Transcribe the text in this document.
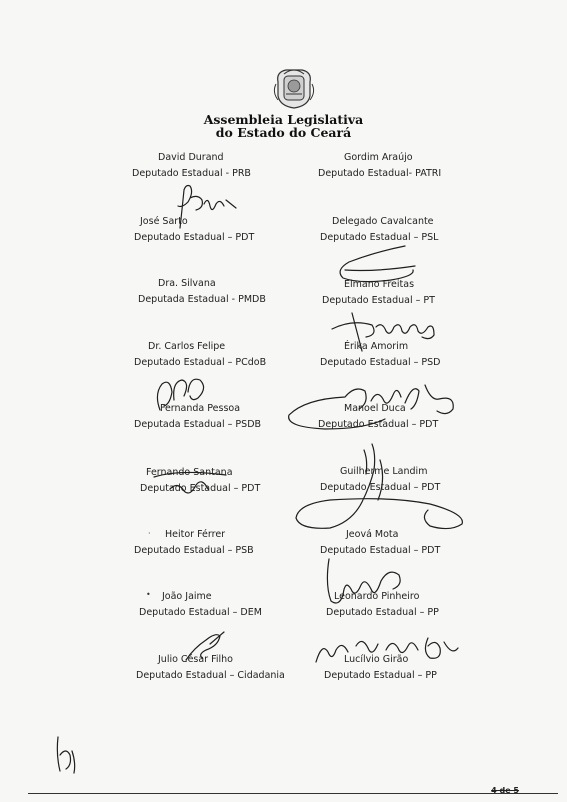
Assembleia Legislativa
do Estado do Ceará
David Durand
Deputado Estadual - PRB
José Sarto
Deputado Estadual – PDT
Dra. Silvana
Deputada Estadual - PMDB
Dr. Carlos Felipe
Deputado Estadual – PCdoB
Fernanda Pessoa
Deputada Estadual – PSDB
Fernando Santana
Deputado Estadual – PDT
· Heitor Férrer
Deputado Estadual – PSB
• João Jaime
Deputado Estadual – DEM
Julio César Filho
Deputado Estadual – Cidadania
Gordim Araújo
Deputado Estadual- PATRI
Delegado Cavalcante
Deputado Estadual – PSL
Elmano Freitas
Deputado Estadual – PT
Érika Amorim
Deputado Estadual – PSD
Manoel Duca
Deputado Estadual – PDT
Guilherme Landim
Deputado Estadual – PDT
Jeová Mota
Deputado Estadual – PDT
Leonardo Pinheiro
Deputado Estadual – PP
Lucílvio Girão
Deputado Estadual – PP
4 de 5
